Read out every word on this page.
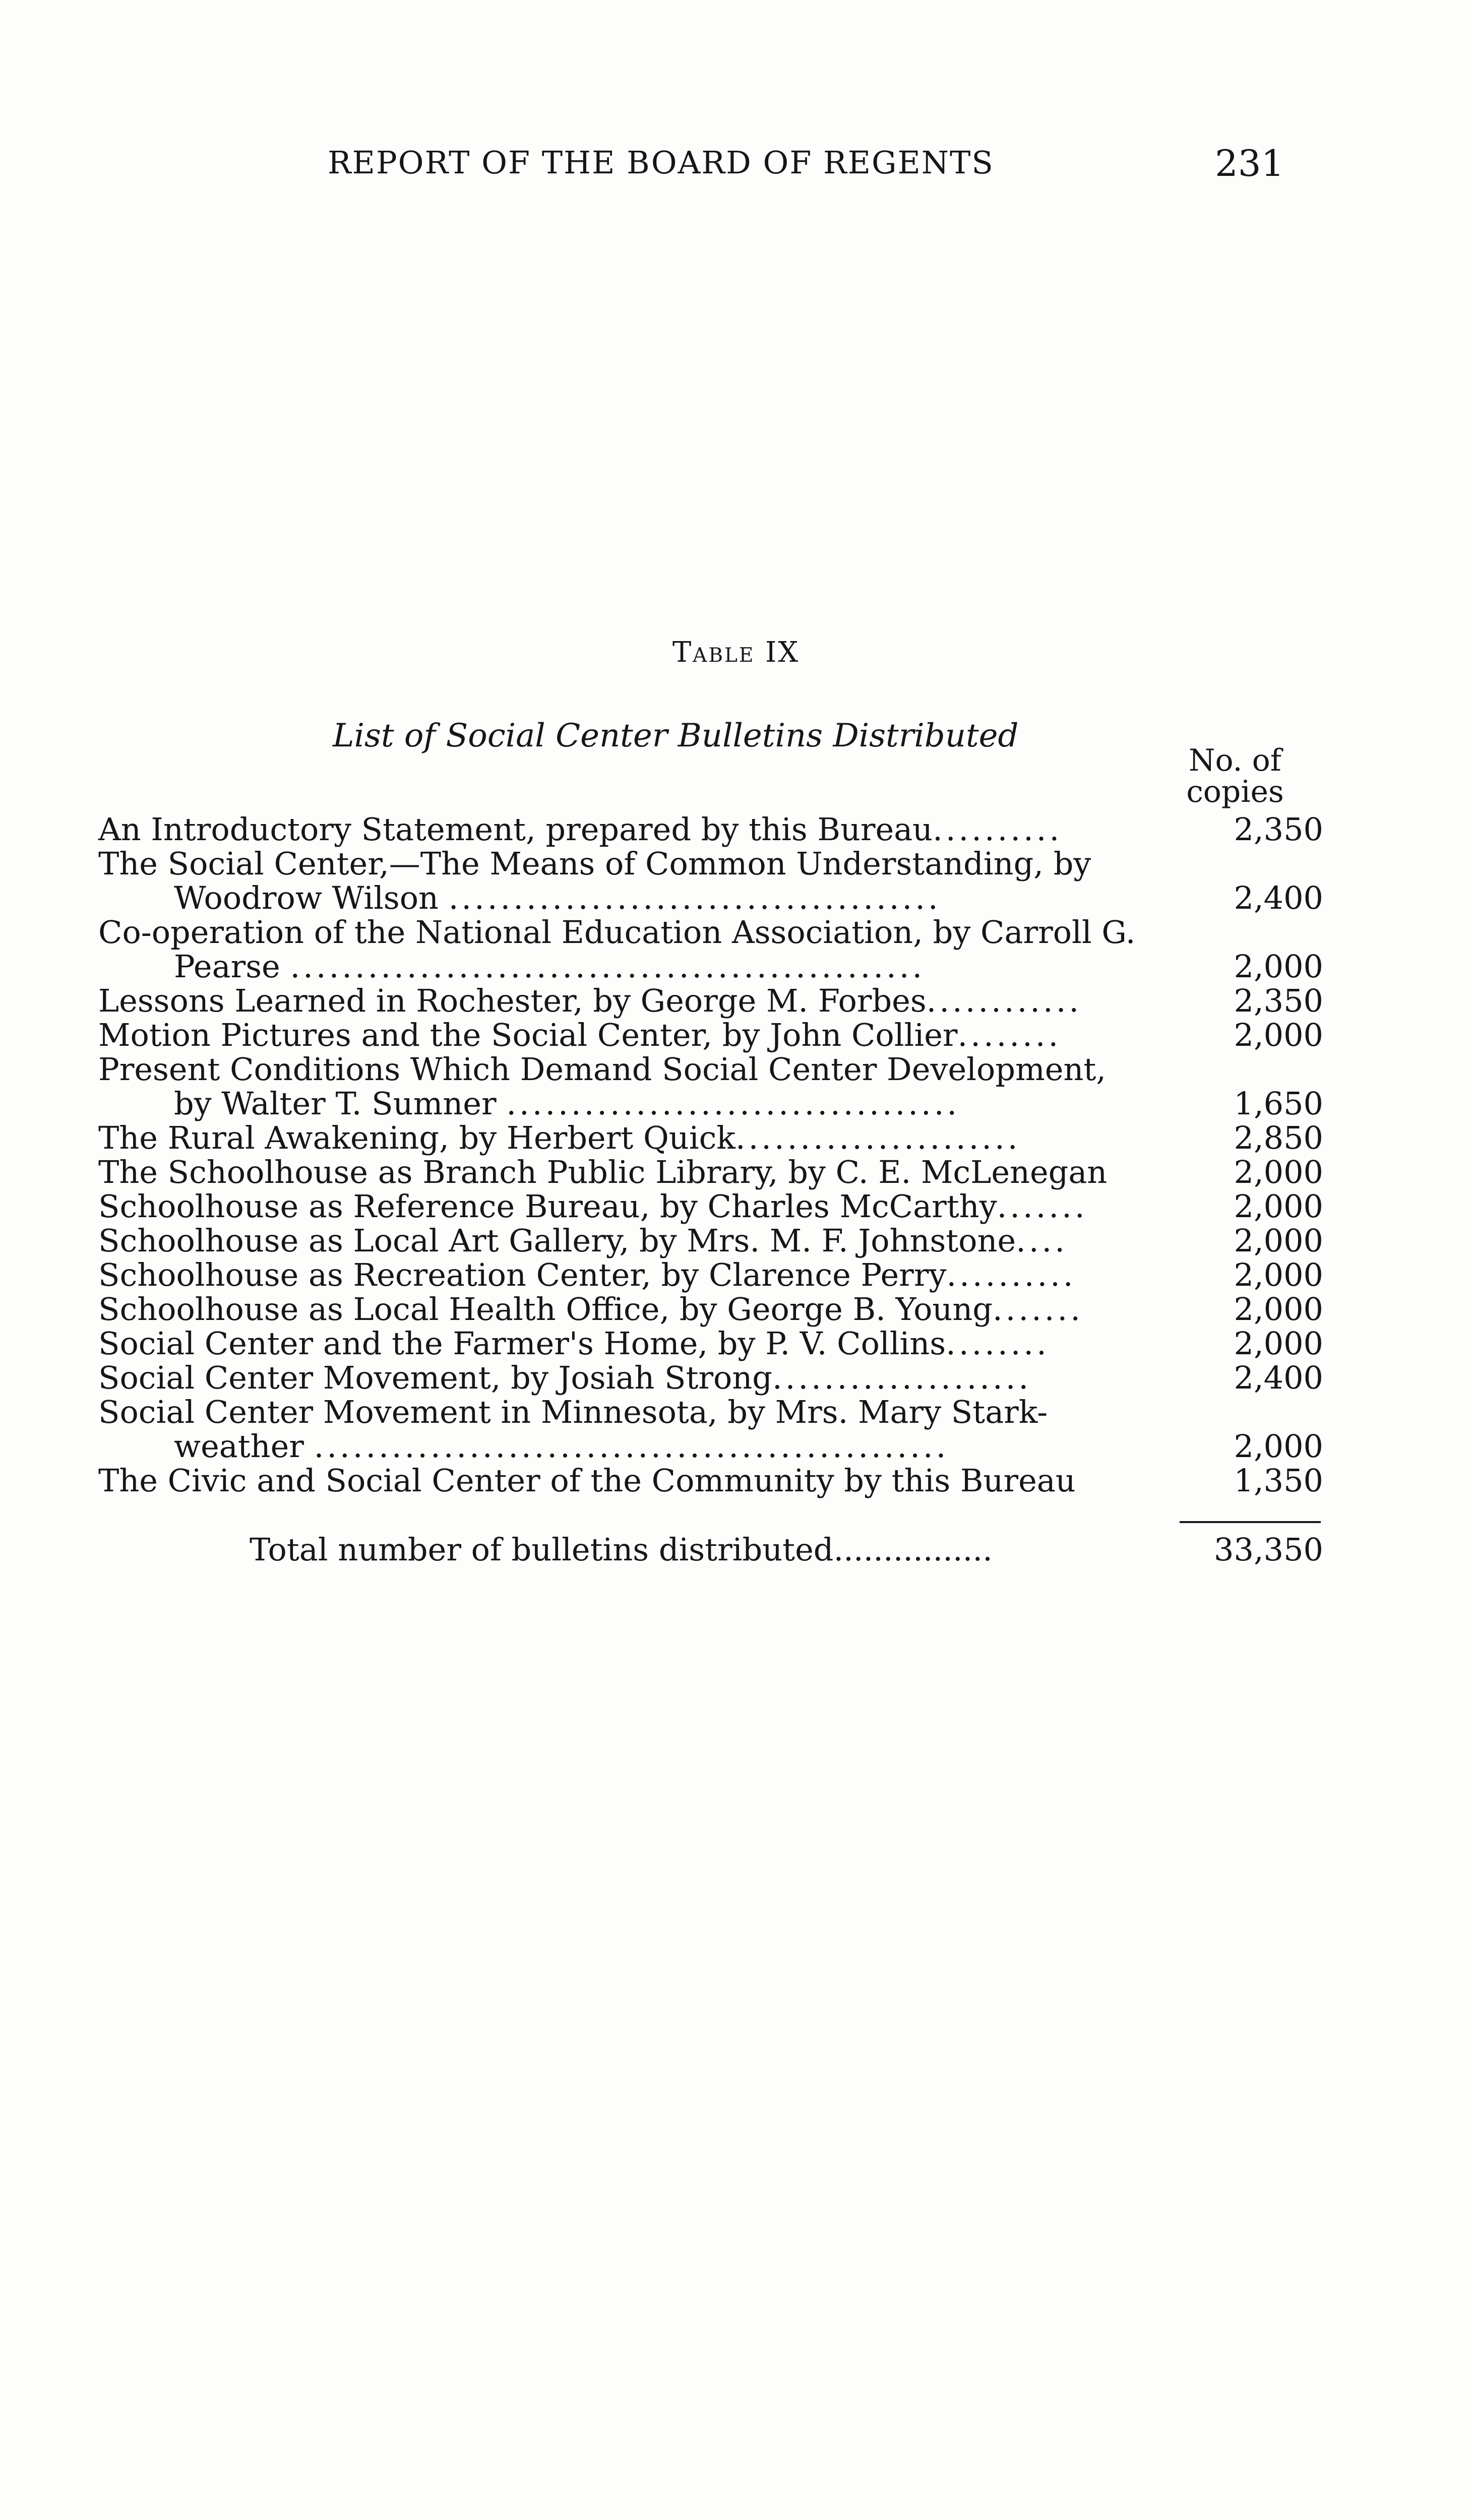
REPORT OF THE BOARD OF REGENTS	231
Table IX
List of Social Center Bulletins Distributed
No. of
copies
An Introductory Statement, prepared by this Bureau..........	2,350
The Social Center,—The Means of Common Understanding, by
Woodrow Wilson ......................................	2,400
Co-operation of the National Education Association, by Carroll G.
Pearse .................................................	2,000
Lessons Learned in Rochester, by George M. Forbes............	2,350
Motion Pictures and the Social Center, by John Collier........	2,000
Present Conditions Which Demand Social Center Development,
by Walter T. Sumner ...................................	1,650
The Rural Awakening, by Herbert Quick......................	2,850
The Schoolhouse as Branch Public Library, by C. E. McLenegan	2,000
Schoolhouse as Reference Bureau, by Charles McCarthy.......	2,000
Schoolhouse as Local Art Gallery, by Mrs. M. F. Johnstone....	2,000
Schoolhouse as Recreation Center, by Clarence Perry..........	2,000
Schoolhouse as Local Health Office, by George B. Young.......	2,000
Social Center and the Farmer's Home, by P. V. Collins........	2,000
Social Center Movement, by Josiah Strong....................	2,400
Social Center Movement in Minnesota, by Mrs. Mary Stark-
weather .................................................	2,000
The Civic and Social Center of the Community by this Bureau	1,350
Total number of bulletins distributed................	33,350
